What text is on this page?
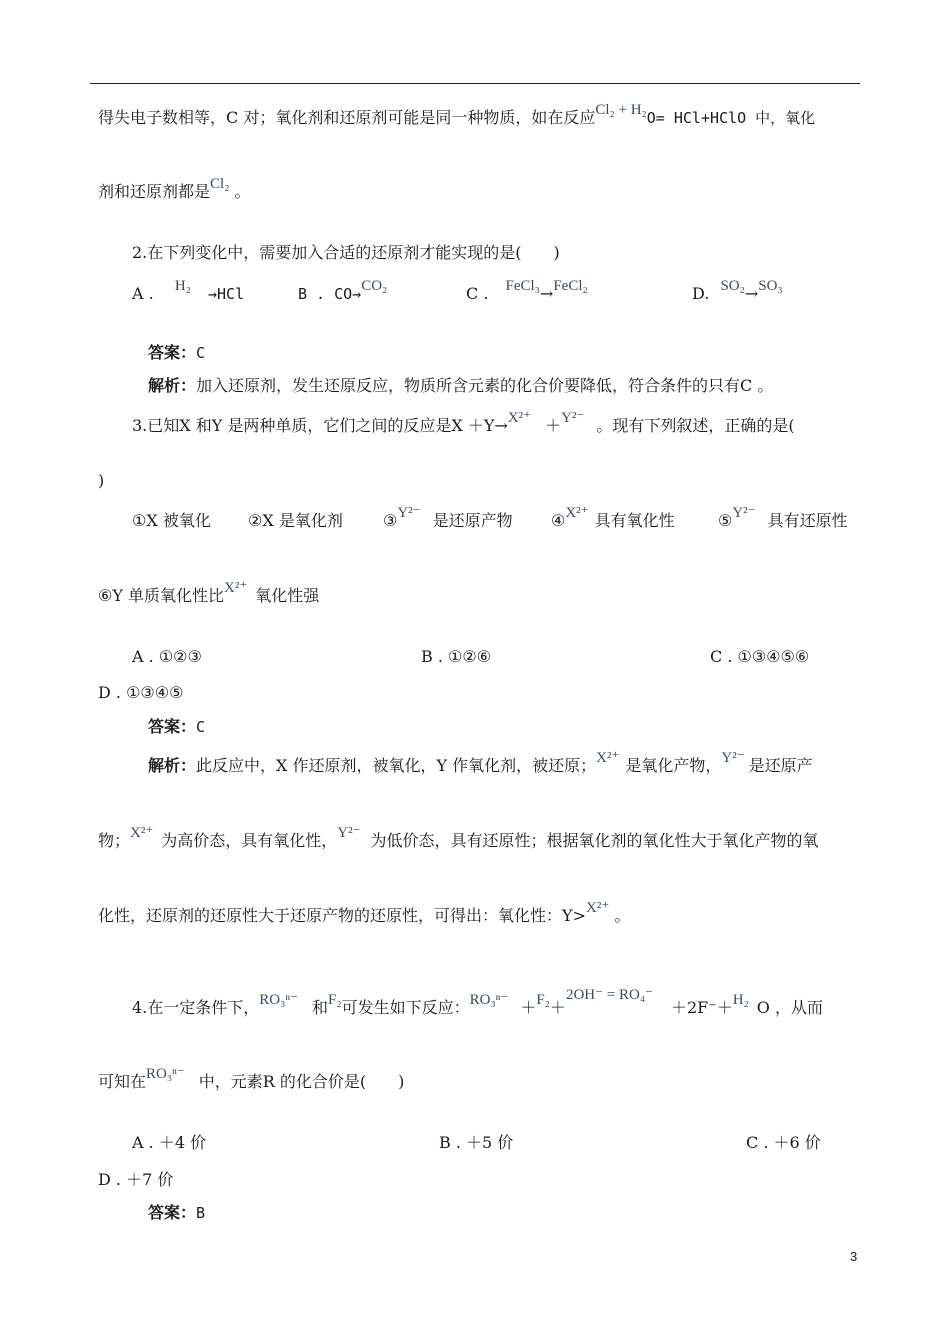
得失电子数相等，C 对；氧化剂和还原剂可能是同一种物质，如在反应Cl₂ + H₂O= HCl+HClO 中，氧化
剂和还原剂都是Cl₂ 。
2.在下列变化中，需要加入合适的还原剂才能实现的是(　　)
A . H₂ →HCl	B . CO→CO₂	C . FeCl₃→FeCl₂	D. SO₂→SO₃
答案：C
解析：加入还原剂，发生还原反应，物质所含元素的化合价要降低，符合条件的只有C 。
3.已知X 和Y 是两种单质，它们之间的反应是X ＋Y→X²⁺ ＋Y²⁻ 。现有下列叙述，正确的是(
)
①X 被氧化 ②X 是氧化剂	③Y²⁻ 是还原产物 ④X²⁺ 具有氧化性	⑤Y²⁻ 具有还原性
⑥Y 单质氧化性比X²⁺ 氧化性强
A . ①②③	B . ①②⑥	C . ①③④⑤⑥
D . ①③④⑤
答案：C
解析：此反应中，X 作还原剂，被氧化，Y 作氧化剂，被还原；X²⁺ 是氧化产物，Y²⁻ 是还原产
物；X²⁺ 为高价态，具有氧化性，Y²⁻ 为低价态，具有还原性；根据氧化剂的氧化性大于氧化产物的氧
化性，还原剂的还原性大于还原产物的还原性，可得出：氧化性：Y>X²⁺ 。
4.在一定条件下，RO₃ⁿ⁻ 和F₂可发生如下反应：RO₃ⁿ⁻ ＋F₂＋2OH⁻ = RO₄⁻＋2F⁻＋H₂ O ，从而
可知在RO₃ⁿ⁻ 中，元素R 的化合价是(　　)
A . ＋4 价	B . ＋5 价	C . ＋6 价
D . ＋7 价
答案：B
3
